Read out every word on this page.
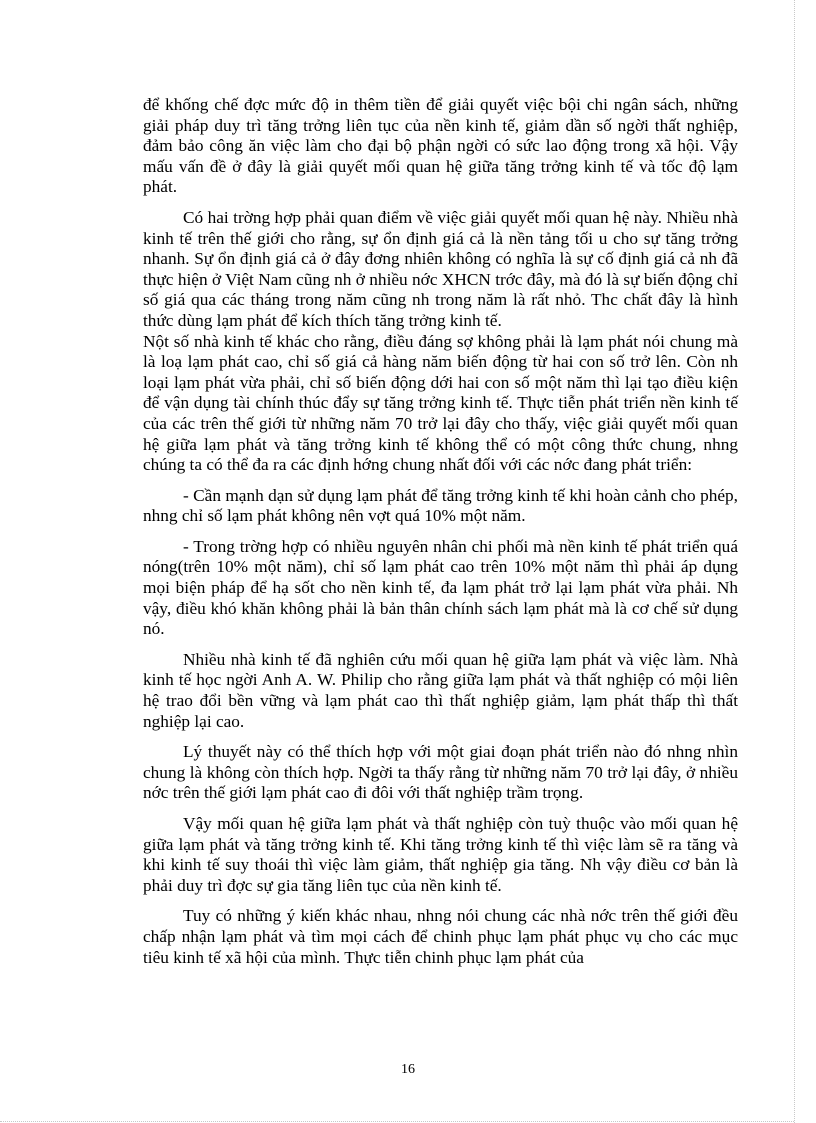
để khống chế đợc mức độ in thêm tiền để giải quyết việc bội chi ngân sách, những giải pháp duy trì tăng trởng liên tục của nền kinh tế, giảm dần số ngời thất nghiệp, đảm bảo công ăn việc làm cho đại bộ phận ngời có sức lao động trong xã hội. Vậy mấu vấn đề ở đây là giải quyết mối quan hệ giữa tăng trởng kinh tế và tốc độ lạm phát.

Có hai trờng hợp phải quan điểm về việc giải quyết mối quan hệ này. Nhiều nhà kinh tế trên thế giới cho rằng, sự ổn định giá cả là nền tảng tối u cho sự tăng trởng nhanh. Sự ổn định giá cả ở đây đơng nhiên không có nghĩa là sự cố định giá cả nh đã thực hiện ở Việt Nam cũng nh ở nhiều nớc XHCN trớc đây, mà đó là sự biến động chỉ số giá qua các tháng trong năm cũng nh trong năm là rất nhỏ. Thc chất đây là hình thức dùng lạm phát để kích thích tăng trởng kinh tế.

Nột số nhà kinh tế khác cho rằng, điều đáng sợ không phải là lạm phát nói chung mà là loạ lạm phát cao, chỉ số giá cả hàng năm biến động từ hai con số trở lên. Còn nh loại lạm phát vừa phải, chỉ số biến động dới hai con số một năm thì lại tạo điều kiện để vận dụng tài chính thúc đẩy sự tăng trởng kinh tế. Thực tiễn phát triển nền kinh tế của các trên thế giới từ những năm 70 trở lại đây cho thấy, việc giải quyết mối quan hệ giữa lạm phát và tăng trởng kinh tế không thể có một công thức chung, nhng chúng ta có thể đa ra các định hớng chung nhất đối với các nớc đang phát triển:

- Cần mạnh dạn sử dụng lạm phát để tăng trởng kinh tế khi hoàn cảnh cho phép, nhng chỉ số lạm phát không nên vợt quá 10% một năm.

- Trong trờng hợp có nhiều nguyên nhân chi phối mà nền kinh tế phát triển quá nóng(trên 10% một năm), chỉ số lạm phát cao trên 10% một năm thì phải áp dụng mọi biện pháp để hạ sốt cho nền kinh tế, đa lạm phát trở lại lạm phát vừa phải. Nh vậy, điều khó khăn không phải là bản thân chính sách lạm phát mà là cơ chế sử dụng nó.

Nhiều nhà kinh tế đã nghiên cứu mối quan hệ giữa lạm phát và việc làm. Nhà kinh tế học ngời Anh A. W. Philip cho rằng giữa lạm phát và thất nghiệp có mội liên hệ trao đổi bền vững và lạm phát cao thì thất nghiệp giảm, lạm phát thấp thì thất nghiệp lại cao.

Lý thuyết này có thể thích hợp với một giai đoạn phát triển nào đó nhng nhìn chung là không còn thích hợp. Ngời ta thấy rằng từ những năm 70 trở lại đây, ở nhiều nớc trên thế giới lạm phát cao đi đôi với thất nghiệp trầm trọng.

Vậy mối quan hệ giữa lạm phát và thất nghiệp còn tuỳ thuộc vào mối quan hệ giữa lạm phát và tăng trởng kinh tế. Khi tăng trởng kinh tế thì việc làm sẽ ra tăng và khi kinh tế suy thoái thì việc làm giảm, thất nghiệp gia tăng. Nh vậy điều cơ bản là phải duy trì đợc sự gia tăng liên tục của nền kinh tế.

Tuy có những ý kiến khác nhau, nhng nói chung các nhà nớc trên thế giới đều chấp nhận lạm phát và tìm mọi cách để chinh phục lạm phát phục vụ cho các mục tiêu kinh tế xã hội của mình. Thực tiễn chinh phục lạm phát của

16
